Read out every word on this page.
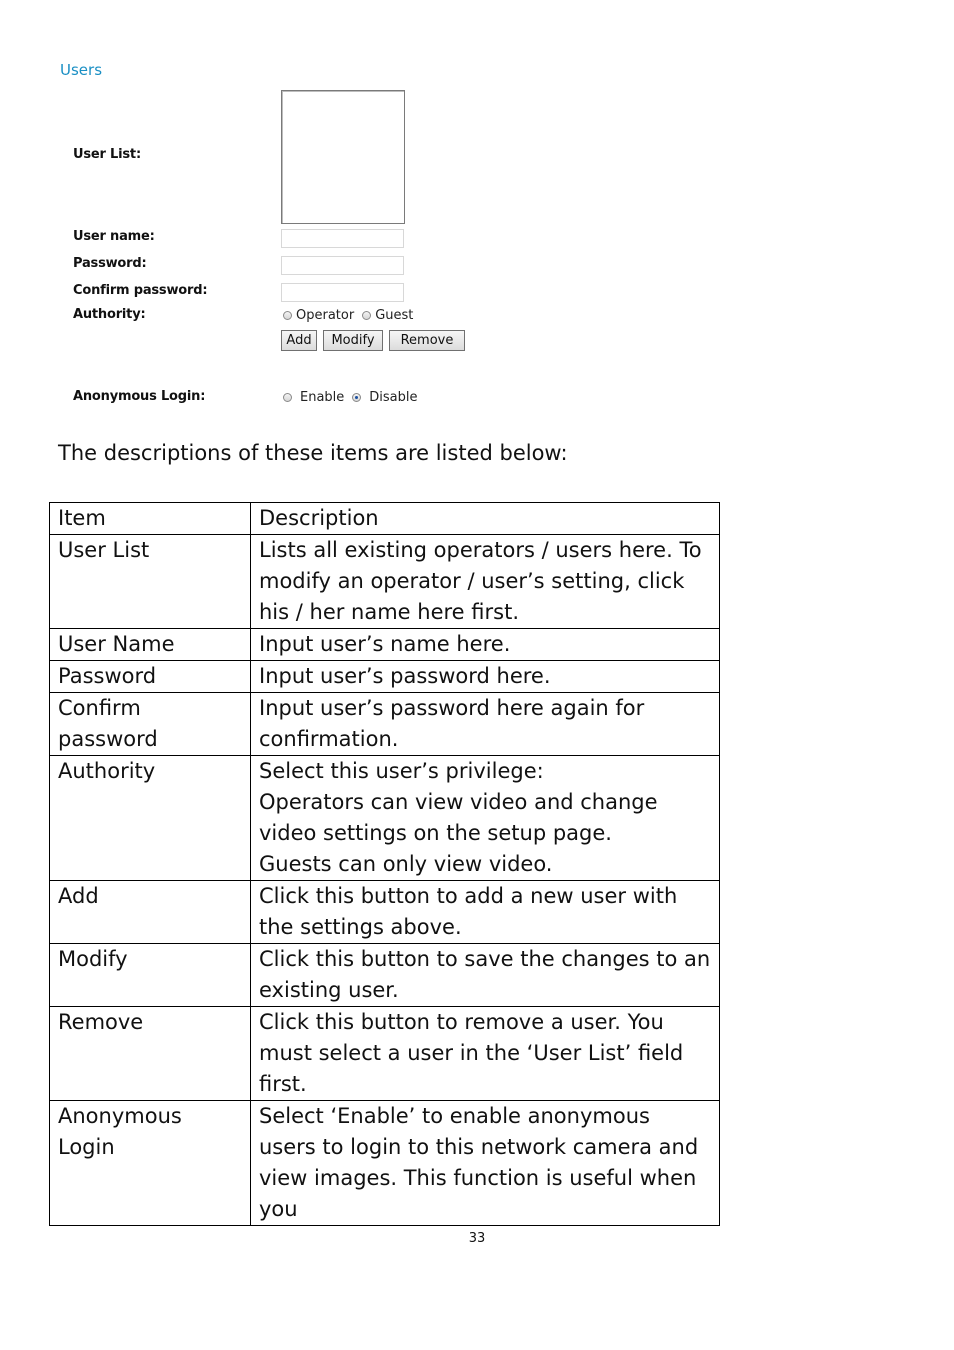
Users
User List:
User name:
Password:
Confirm password:
Authority:	Operator Guest
Add	Modify	Remove
Anonymous Login:	Enable Disable
The descriptions of these items are listed below:
Item	Description
User List	Lists all existing operators / users here. To modify an operator / user’s setting, click his / her name here first.

User Name	Input user’s name here.

Password	Input user’s password here.

Confirm password	Input user’s password here again for confirmation.

Authority	Select this user’s privilege:
Operators can view video and change video settings on the setup page.
Guests can only view video.

Add	Click this button to add a new user with the settings above.

Modify	Click this button to save the changes to an existing user.

Remove	Click this button to remove a user. You must select a user in the ‘User List’ field first.

Anonymous Login	Select ‘Enable’ to enable anonymous users to login to this network camera and view images. This function is useful when you
33
